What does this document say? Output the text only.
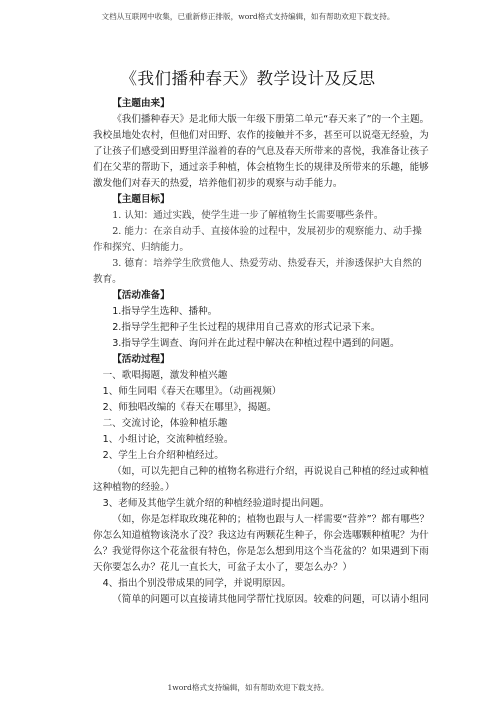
文档从互联网中收集，已重新修正排版，word格式支持编辑，如有帮助欢迎下载支持。
《我们播种春天》教学设计及反思
【主题由来】
《我们播种春天》是北师大版一年级下册第二单元“春天来了”的一个主题。
我校虽地处农村，但他们对田野、农作的接触并不多，甚至可以说毫无经验，为
了让孩子们感受到田野里洋溢着的春的气息及春天所带来的喜悦，我准备让孩子
们在父辈的帮助下，通过亲手种植，体会植物生长的规律及所带来的乐趣，能够
激发他们对春天的热爱，培养他们初步的观察与动手能力。
【主题目标】
1. 认知：通过实践，使学生进一步了解植物生长需要哪些条件。
2. 能力：在亲自动手、直接体验的过程中，发展初步的观察能力、动手操
作和探究、归纳能力。
3. 德育：培养学生欣赏他人、热爱劳动、热爱春天，并渗透保护大自然的
教育。
【活动准备】
1.指导学生选种、播种。
2.指导学生把种子生长过程的规律用自己喜欢的形式记录下来。
3.指导学生调查、询问并在此过程中解决在种植过程中遇到的问题。
【活动过程】
一、歌唱揭题，激发种植兴趣
1、师生同唱《春天在哪里》。（动画视频）
2、师独唱改编的《春天在哪里》，揭题。
二、交流讨论，体验种植乐趣
1、小组讨论，交流种植经验。
2、学生上台介绍种植经过。
（如，可以先把自己种的植物名称进行介绍，再说说自己种植的经过或种植
这种植物的经验。）
3、老师及其他学生就介绍的种植经验道时提出问题。
（如，你是怎样取玫瑰花种的；植物也跟与人一样需要“营养”？都有哪些？
你怎么知道植物该浇水了没？我这边有两颗花生种子，你会选哪颗种植呢？为什
么？我觉得你这个花盆很有特色，你是怎么想到用这个当花盆的？如果遇到下雨
天你要怎么办？花儿一直长大，可盆子太小了，要怎么办？）
4、指出个别没带成果的同学，并说明原因。
（简单的问题可以直接请其他同学帮忙找原因。较难的问题，可以请小组同
1word格式支持编辑，如有帮助欢迎下载支持。
